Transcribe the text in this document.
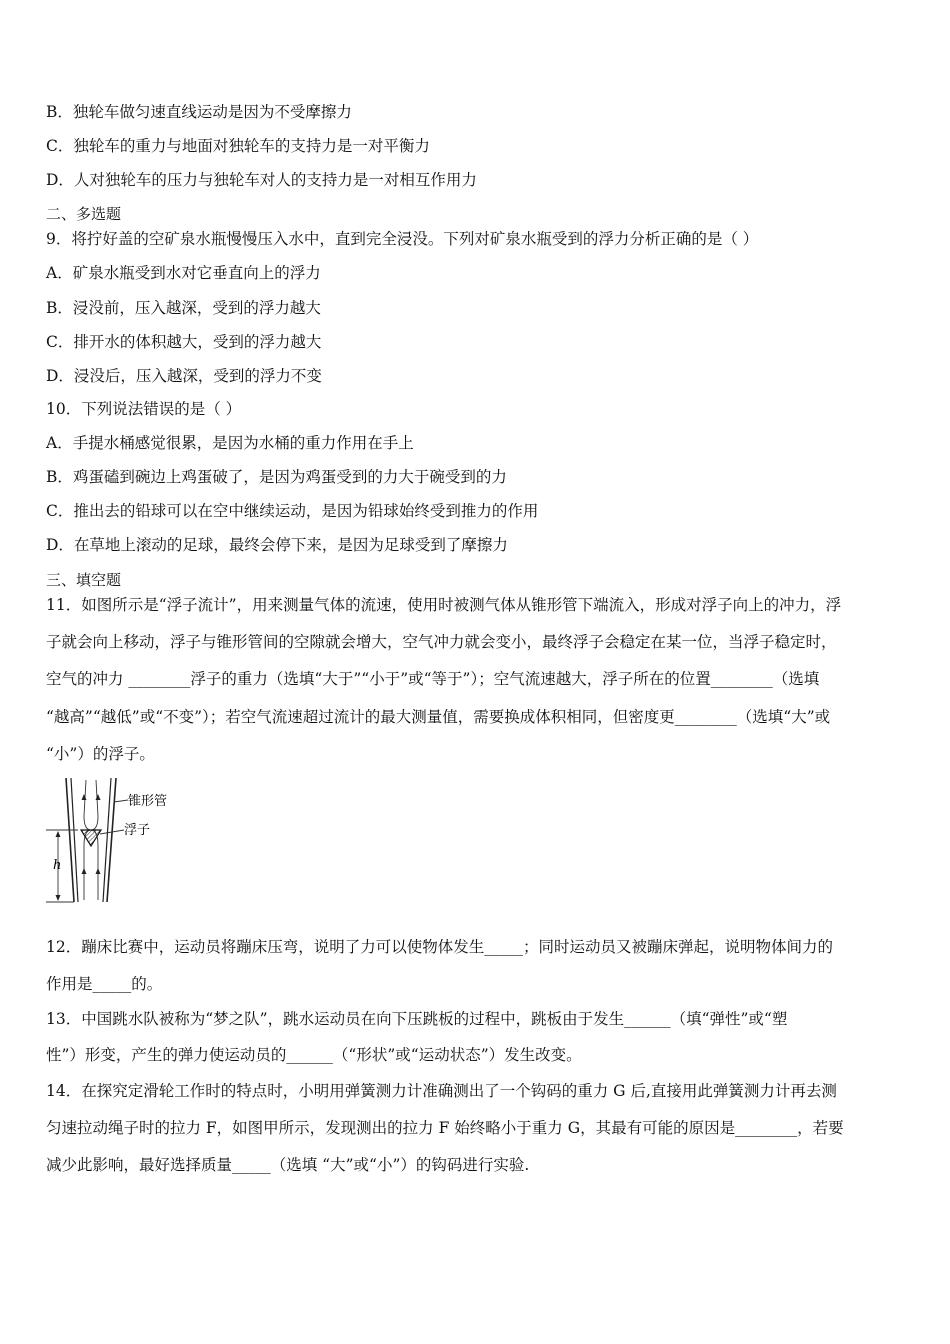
B．独轮车做匀速直线运动是因为不受摩擦力
C．独轮车的重力与地面对独轮车的支持力是一对平衡力
D．人对独轮车的压力与独轮车对人的支持力是一对相互作用力
二、多选题
9．将拧好盖的空矿泉水瓶慢慢压入水中，直到完全浸没。下列对矿泉水瓶受到的浮力分析正确的是（ ）
A．矿泉水瓶受到水对它垂直向上的浮力
B．浸没前，压入越深，受到的浮力越大
C．排开水的体积越大，受到的浮力越大
D．浸没后，压入越深，受到的浮力不变
10．下列说法错误的是（ ）
A．手提水桶感觉很累，是因为水桶的重力作用在手上
B．鸡蛋磕到碗边上鸡蛋破了，是因为鸡蛋受到的力大于碗受到的力
C．推出去的铅球可以在空中继续运动，是因为铅球始终受到推力的作用
D．在草地上滚动的足球，最终会停下来，是因为足球受到了摩擦力
三、填空题
11．如图所示是“浮子流计”，用来测量气体的流速，使用时被测气体从锥形管下端流入，形成对浮子向上的冲力，浮
子就会向上移动，浮子与锥形管间的空隙就会增大，空气冲力就会变小，最终浮子会稳定在某一位，当浮子稳定时，
空气的冲力 ________浮子的重力（选填“大于”“小于”或“等于”）；空气流速越大，浮子所在的位置________（选填
“越高”“越低”或“不变”）；若空气流速超过流计的最大测量值，需要换成体积相同，但密度更________（选填“大”或
“小”）的浮子。
h
锥形管
浮子
12．蹦床比赛中，运动员将蹦床压弯，说明了力可以使物体发生_____；同时运动员又被蹦床弹起，说明物体间力的
作用是_____的。
13．中国跳水队被称为“梦之队”，跳水运动员在向下压跳板的过程中，跳板由于发生______（填“弹性”或“塑
性”）形变，产生的弹力使运动员的______（“形状”或“运动状态”）发生改变。
14．在探究定滑轮工作时的特点时，小明用弹簧测力计准确测出了一个钩码的重力 G 后,直接用此弹簧测力计再去测
匀速拉动绳子时的拉力 F，如图甲所示，发现测出的拉力 F 始终略小于重力 G，其最有可能的原因是________，若要
减少此影响，最好选择质量_____（选填 “大”或“小”）的钩码进行实验.
